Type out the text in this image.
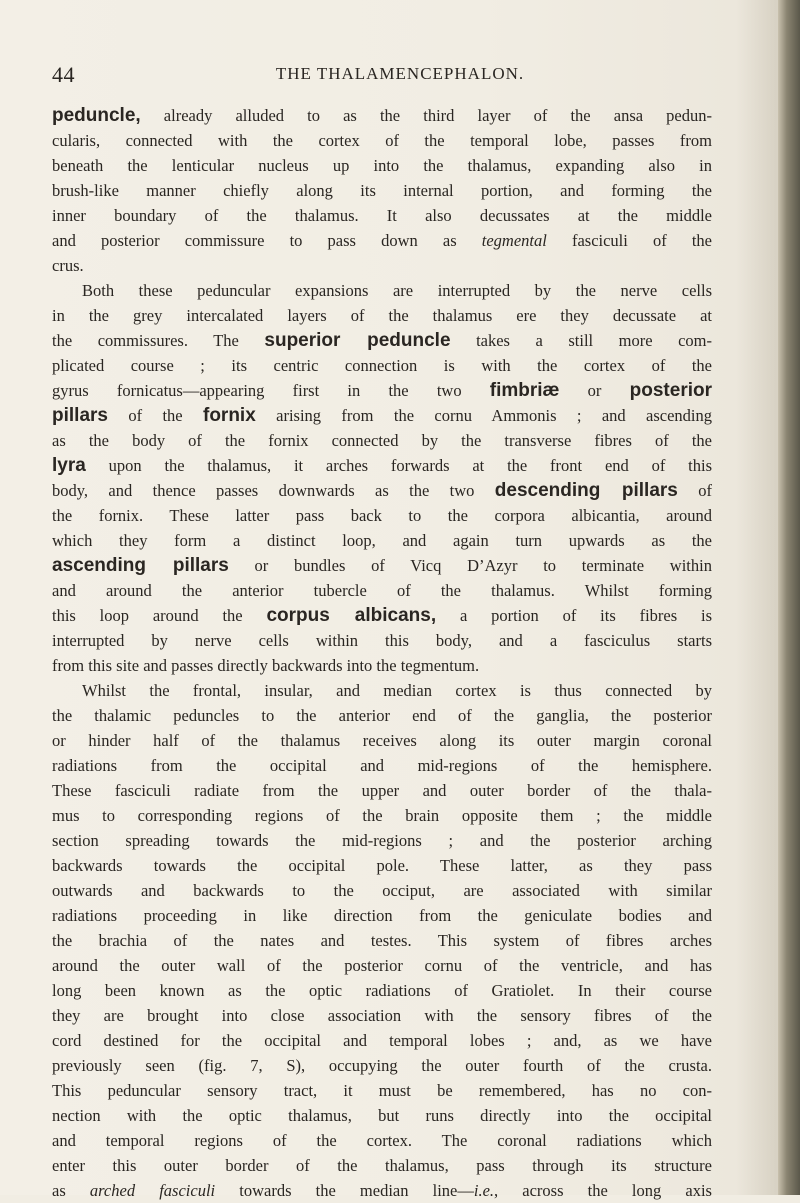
44	THE THALAMENCEPHALON.
peduncle, already alluded to as the third layer of the ansa pedun-
cularis, connected with the cortex of the temporal lobe, passes from
beneath the lenticular nucleus up into the thalamus, expanding also in
brush-like manner chiefly along its internal portion, and forming the
inner boundary of the thalamus. It also decussates at the middle
and posterior commissure to pass down as tegmental fasciculi of the
crus.
Both these peduncular expansions are interrupted by the nerve cells
in the grey intercalated layers of the thalamus ere they decussate at
the commissures. The superior peduncle takes a still more com-
plicated course ; its centric connection is with the cortex of the
gyrus fornicatus—appearing first in the two fimbriæ or posterior
pillars of the fornix arising from the cornu Ammonis ; and ascending
as the body of the fornix connected by the transverse fibres of the
lyra upon the thalamus, it arches forwards at the front end of this
body, and thence passes downwards as the two descending pillars of
the fornix. These latter pass back to the corpora albicantia, around
which they form a distinct loop, and again turn upwards as the
ascending pillars or bundles of Vicq D’Azyr to terminate within
and around the anterior tubercle of the thalamus. Whilst forming
this loop around the corpus albicans, a portion of its fibres is
interrupted by nerve cells within this body, and a fasciculus starts
from this site and passes directly backwards into the tegmentum.
Whilst the frontal, insular, and median cortex is thus connected by
the thalamic peduncles to the anterior end of the ganglia, the posterior
or hinder half of the thalamus receives along its outer margin coronal
radiations from the occipital and mid-regions of the hemisphere.
These fasciculi radiate from the upper and outer border of the thala-
mus to corresponding regions of the brain opposite them ; the middle
section spreading towards the mid-regions ; and the posterior arching
backwards towards the occipital pole. These latter, as they pass
outwards and backwards to the occiput, are associated with similar
radiations proceeding in like direction from the geniculate bodies and
the brachia of the nates and testes. This system of fibres arches
around the outer wall of the posterior cornu of the ventricle, and has
long been known as the optic radiations of Gratiolet. In their course
they are brought into close association with the sensory fibres of the
cord destined for the occipital and temporal lobes ; and, as we have
previously seen (fig. 7, S), occupying the outer fourth of the crusta.
This peduncular sensory tract, it must be remembered, has no con-
nection with the optic thalamus, but runs directly into the occipital
and temporal regions of the cortex. The coronal radiations which
enter this outer border of the thalamus, pass through its structure
as arched fasciculi towards the median line—i.e., across the long axis
